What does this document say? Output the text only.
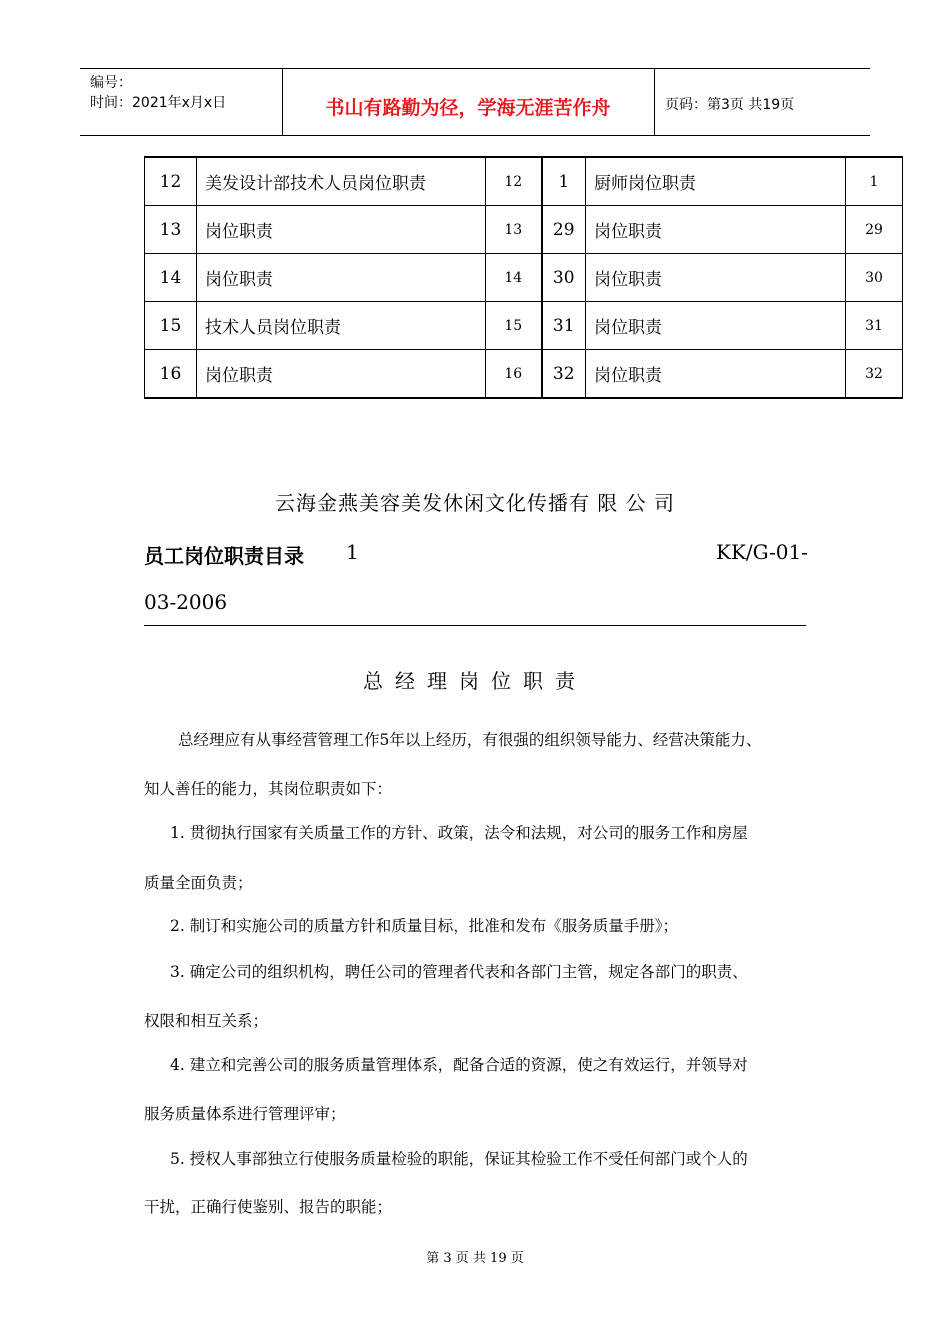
编号：
时间：2021年x月x日	书山有路勤为径，学海无涯苦作舟	页码：第3页 共19页
12	美发设计部技术人员岗位职责	12	1	厨师岗位职责	1
13	岗位职责	13	29	岗位职责	29
14	岗位职责	14	30	岗位职责	30
15	技术人员岗位职责	15	31	岗位职责	31
16	岗位职责	16	32	岗位职责	32
云海金燕美容美发休闲文化传播有 限 公 司
员工岗位职责目录 1	KK/G-01-
03-2006
总经理岗位职责
总经理应有从事经营管理工作5年以上经历，有很强的组织领导能力、经营决策能力、
知人善任的能力，其岗位职责如下：
1. 贯彻执行国家有关质量工作的方针、政策，法令和法规，对公司的服务工作和房屋
质量全面负责；
2. 制订和实施公司的质量方针和质量目标，批准和发布《服务质量手册》；
3. 确定公司的组织机构，聘任公司的管理者代表和各部门主管，规定各部门的职责、
权限和相互关系；
4. 建立和完善公司的服务质量管理体系，配备合适的资源，使之有效运行，并领导对
服务质量体系进行管理评审；
5. 授权人事部独立行使服务质量检验的职能，保证其检验工作不受任何部门或个人的
干扰，正确行使鉴别、报告的职能；
第 3 页 共 19 页
